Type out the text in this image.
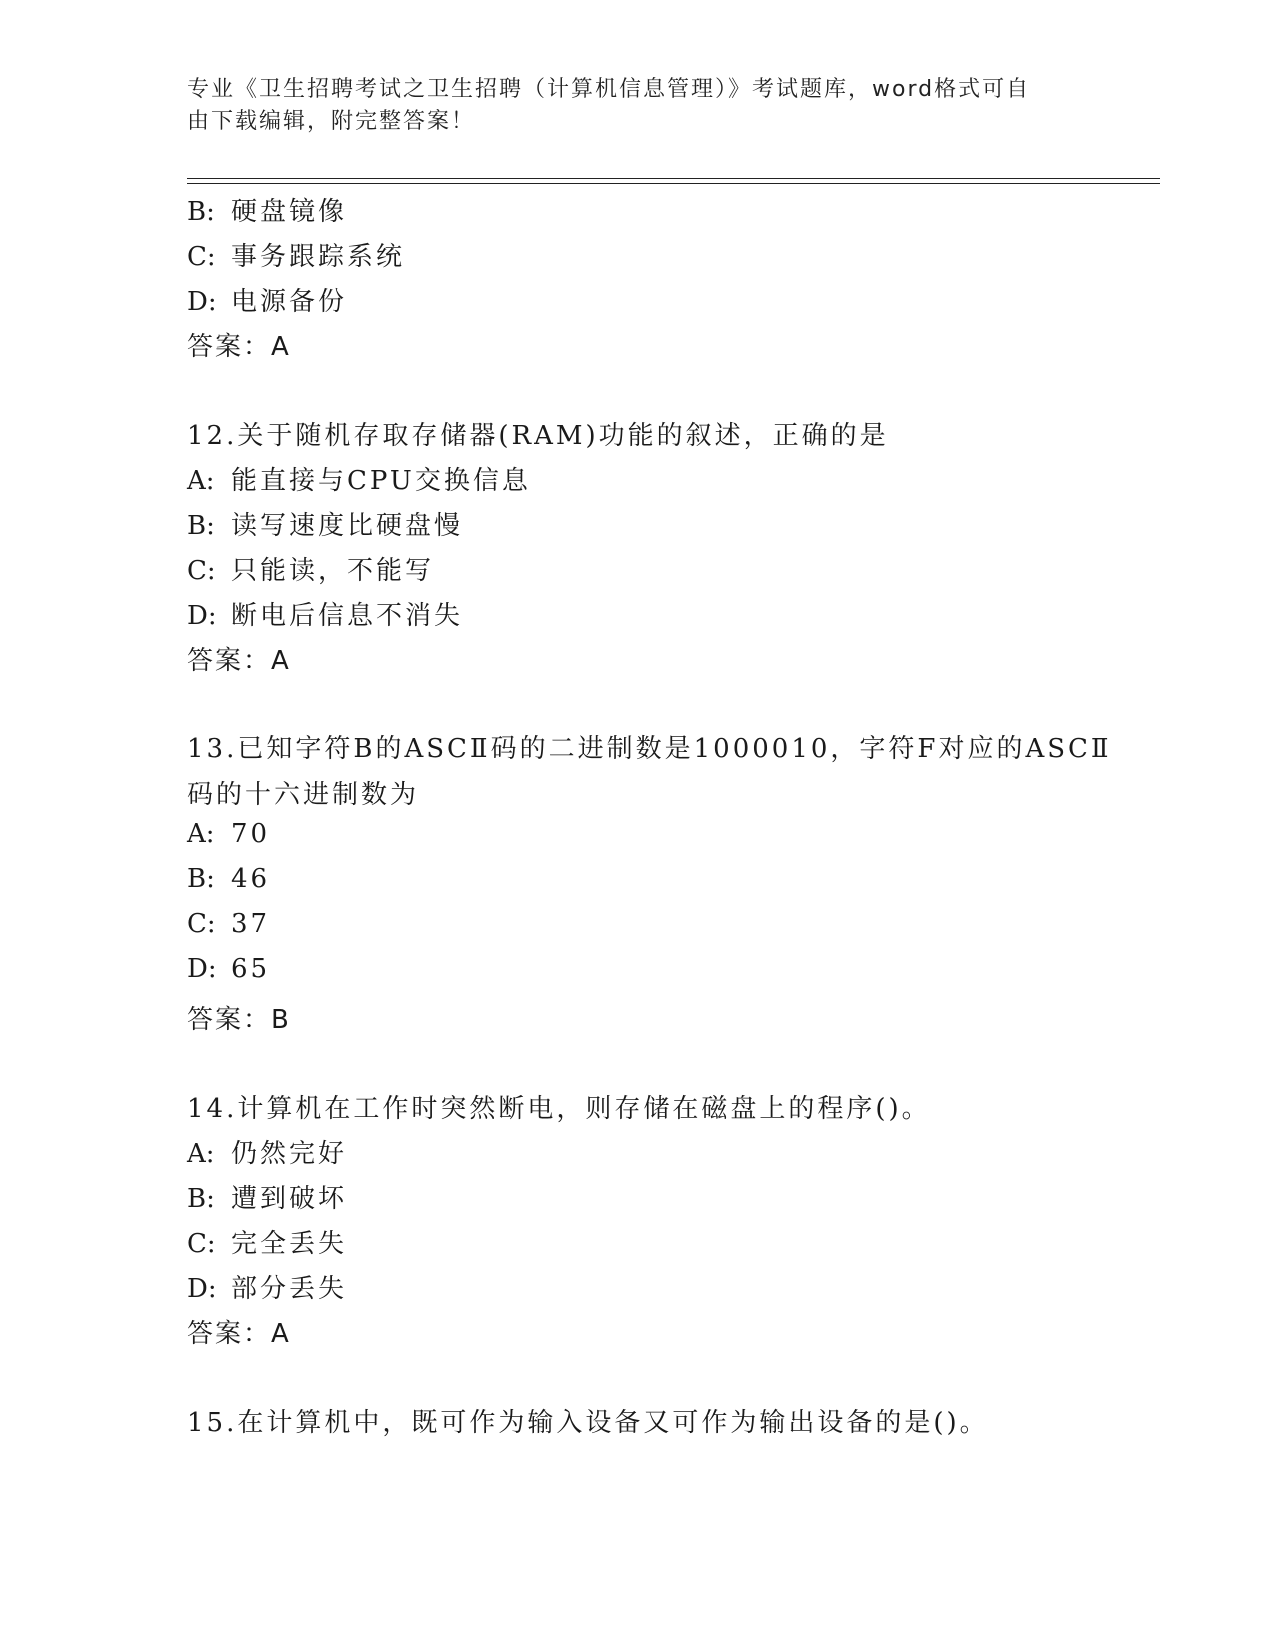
专业《卫生招聘考试之卫生招聘（计算机信息管理）》考试题库，word格式可自
由下载编辑，附完整答案！
B: 硬盘镜像
C: 事务跟踪系统
D: 电源备份
答案：A
12.关于随机存取存储器(RAM)功能的叙述，正确的是
A: 能直接与CPU交换信息
B: 读写速度比硬盘慢
C: 只能读，不能写
D: 断电后信息不消失
答案：A
13.已知字符B的ASCⅡ码的二进制数是1000010，字符F对应的ASCⅡ
码的十六进制数为
A: 70
B: 46
C: 37
D: 65
答案：B
14.计算机在工作时突然断电，则存储在磁盘上的程序()。
A: 仍然完好
B: 遭到破坏
C: 完全丢失
D: 部分丢失
答案：A
15.在计算机中，既可作为输入设备又可作为输出设备的是()。
